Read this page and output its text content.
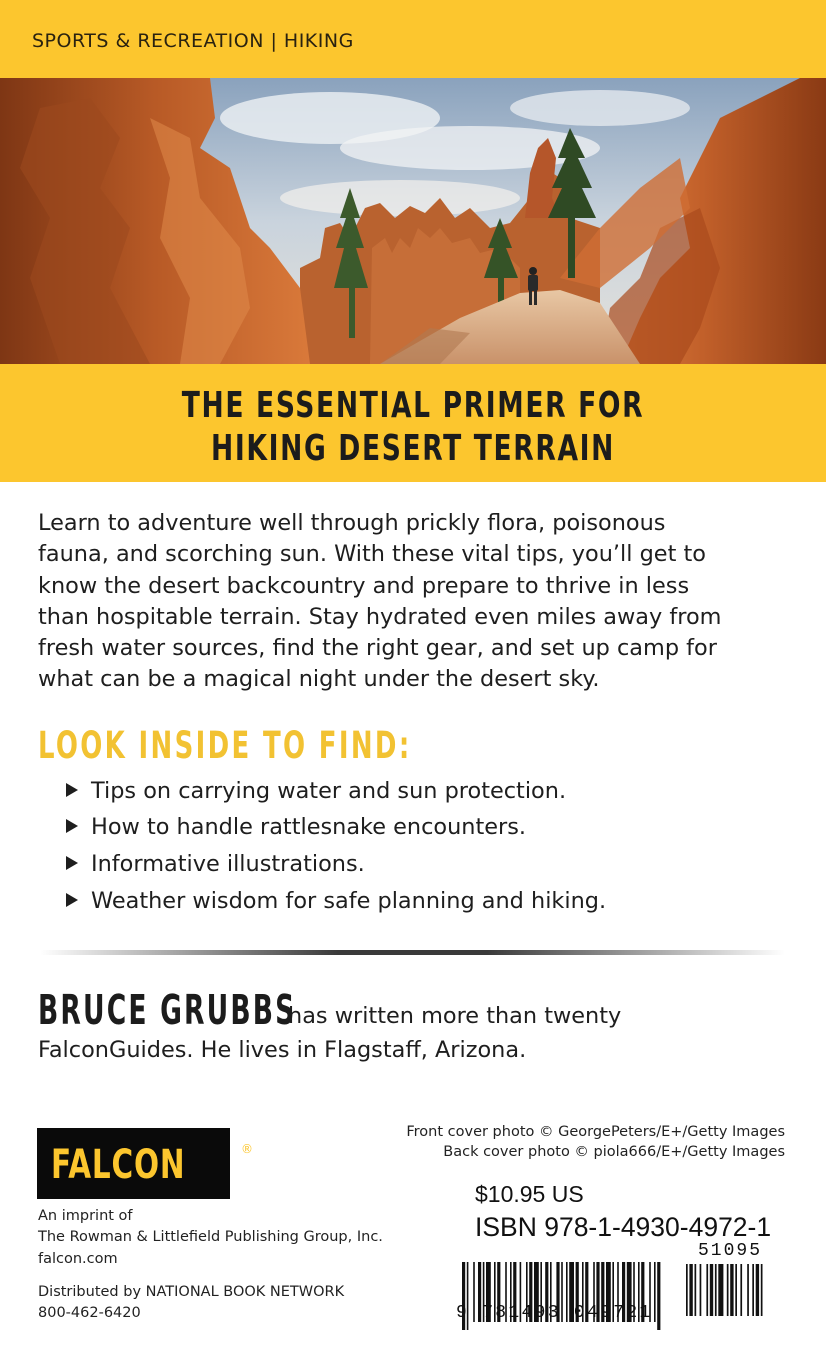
SPORTS & RECREATION | HIKING
THE ESSENTIAL PRIMER FOR
HIKING DESERT TERRAIN
Learn to adventure well through prickly flora, poisonous
fauna, and scorching sun. With these vital tips, you’ll get to
know the desert backcountry and prepare to thrive in less
than hospitable terrain. Stay hydrated even miles away from
fresh water sources, find the right gear, and set up camp for
what can be a magical night under the desert sky.
LOOK INSIDE TO FIND:
Tips on carrying water and sun protection.
How to handle rattlesnake encounters.
Informative illustrations.
Weather wisdom for safe planning and hiking.
BRUCE GRUBBS
has written more than twenty
FalconGuides. He lives in Flagstaff, Arizona.
FALCON	®
Front cover photo © GeorgePeters/E+/Getty Images
Back cover photo © piola666/E+/Getty Images
An imprint of
The Rowman & Littlefield Publishing Group, Inc.
falcon.com
Distributed by NATIONAL BOOK NETWORK
800-462-6420
$10.95 US
ISBN 978-1-4930-4972-1
51095
9 781493 049721
